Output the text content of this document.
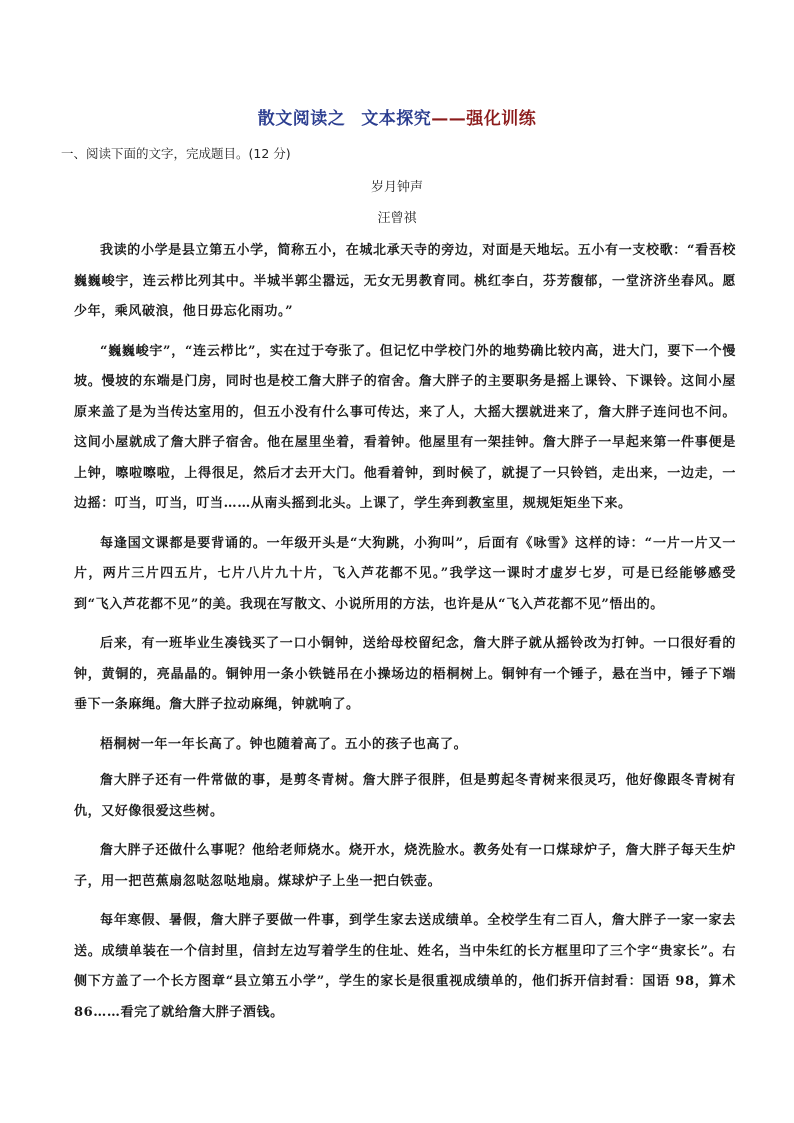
散文阅读之 文本探究——强化训练
一、阅读下面的文字，完成题目。(12 分)
岁月钟声
汪曾祺

我读的小学是县立第五小学，简称五小，在城北承天寺的旁边，对面是天地坛。五小有一支校歌：“看吾校巍巍峻宇，连云栉比列其中。半城半郭尘嚣远，无女无男教育同。桃红李白，芬芳馥郁，一堂济济坐春风。愿少年，乘风破浪，他日毋忘化雨功。”

“巍巍峻宇”，“连云栉比”，实在过于夸张了。但记忆中学校门外的地势确比较内高，进大门，要下一个慢坡。慢坡的东端是门房，同时也是校工詹大胖子的宿舍。詹大胖子的主要职务是摇上课铃、下课铃。这间小屋原来盖了是为当传达室用的，但五小没有什么事可传达，来了人，大摇大摆就进来了，詹大胖子连问也不问。这间小屋就成了詹大胖子宿舍。他在屋里坐着，看着钟。他屋里有一架挂钟。詹大胖子一早起来第一件事便是上钟，嚓啦嚓啦，上得很足，然后才去开大门。他看着钟，到时候了，就提了一只铃铛，走出来，一边走，一边摇：叮当，叮当，叮当……从南头摇到北头。上课了，学生奔到教室里，规规矩矩坐下来。

每逢国文课都是要背诵的。一年级开头是“大狗跳，小狗叫”，后面有《咏雪》这样的诗：“一片一片又一片，两片三片四五片，七片八片九十片，飞入芦花都不见。”我学这一课时才虚岁七岁，可是已经能够感受到“飞入芦花都不见”的美。我现在写散文、小说所用的方法，也许是从“飞入芦花都不见”悟出的。

后来，有一班毕业生凑钱买了一口小铜钟，送给母校留纪念，詹大胖子就从摇铃改为打钟。一口很好看的钟，黄铜的，亮晶晶的。铜钟用一条小铁链吊在小操场边的梧桐树上。铜钟有一个锤子，悬在当中，锤子下端垂下一条麻绳。詹大胖子拉动麻绳，钟就响了。

梧桐树一年一年长高了。钟也随着高了。五小的孩子也高了。

詹大胖子还有一件常做的事，是剪冬青树。詹大胖子很胖，但是剪起冬青树来很灵巧，他好像跟冬青树有仇，又好像很爱这些树。

詹大胖子还做什么事呢？他给老师烧水。烧开水，烧洗脸水。教务处有一口煤球炉子，詹大胖子每天生炉子，用一把芭蕉扇忽哒忽哒地扇。煤球炉子上坐一把白铁壶。

每年寒假、暑假，詹大胖子要做一件事，到学生家去送成绩单。全校学生有二百人，詹大胖子一家一家去送。成绩单装在一个信封里，信封左边写着学生的住址、姓名，当中朱红的长方框里印了三个字“贵家长”。右侧下方盖了一个长方图章“县立第五小学”，学生的家长是很重视成绩单的，他们拆开信封看：国语 98，算术 86……看完了就给詹大胖子酒钱。
